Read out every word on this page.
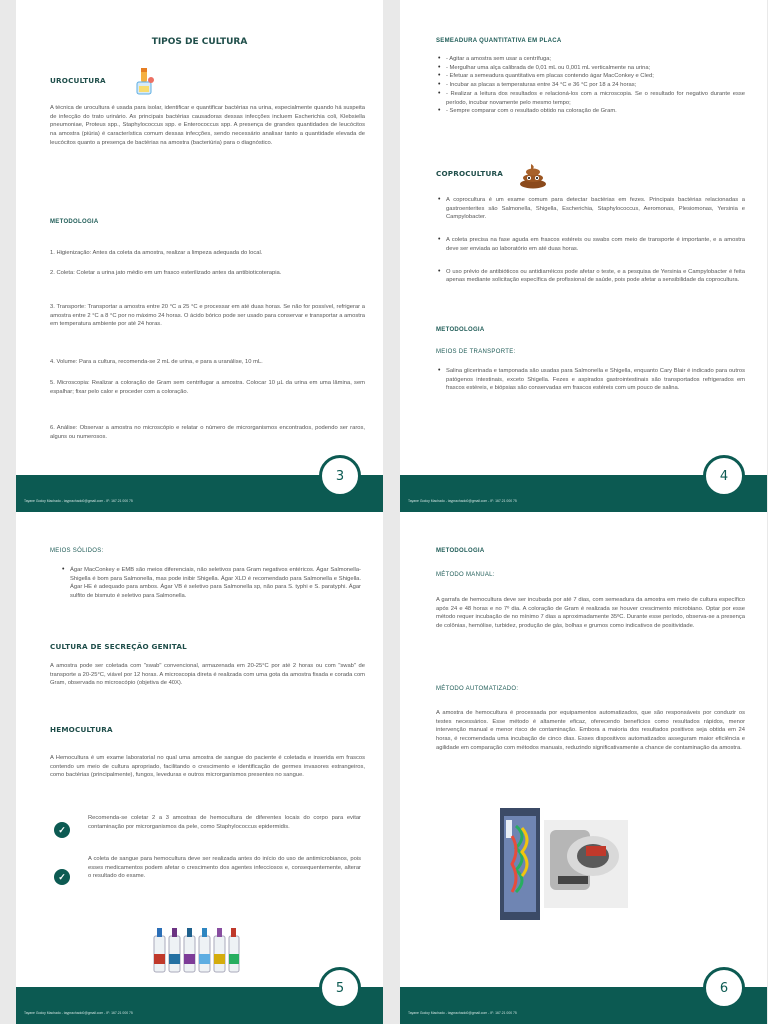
TIPOS DE CULTURA
UROCULTURA
A técnica de urocultura é usada para isolar, identificar e quantificar bactérias na urina, especialmente quando há suspeita de infecção do trato urinário. As principais bactérias causadoras dessas infecções incluem Escherichia coli, Klebsiella pneumoniae, Proteus spp., Staphylococcus spp. e Enterococcus spp. A presença de grandes quantidades de leucócitos na amostra (piúria) é característica comum dessas infecções, sendo necessário analisar tanto a quantidade elevada de leucócitos quanto a presença de bactérias na amostra (bacteriúria) para o diagnóstico.
METODOLOGIA
1. Higienização: Antes da coleta da amostra, realizar a limpeza adequada do local.
2. Coleta: Coletar a urina jato médio em um frasco esterilizado antes da antibioticoterapia.
3. Transporte: Transportar a amostra entre 20 °C a 25 °C e processar em até duas horas. Se não for possível, refrigerar a amostra entre 2 °C a 8 °C por no máximo 24 horas. O ácido bórico pode ser usado para conservar e transportar a amostra em temperatura ambiente por até 24 horas.
4. Volume: Para a cultura, recomenda-se 2 mL de urina, e para a uranálise, 10 mL.
5. Microscopia: Realizar a coloração de Gram sem centrifugar a amostra. Colocar 10 µL da urina em uma lâmina, sem espalhar; fixar pelo calor e proceder com a coloração.
6. Análise: Observar a amostra no microscópio e relatar o número de microrganismos encontrados, podendo ser raros, alguns ou numerosos.
Tayane Godoy Machado - tayprachado0@gmail.com - IF: 167.21 000 75
3
SEMEADURA QUANTITATIVA EM PLACA
• - Agitar a amostra sem usar a centrífuga;
• - Mergulhar uma alça calibrada de 0,01 mL ou 0,001 mL verticalmente na urina;
• - Efetuar a semeadura quantitativa em placas contendo ágar MacConkey e Cled;
• - Incubar as placas a temperaturas entre 34 °C e 36 °C por 18 a 24 horas;
• - Realizar a leitura dos resultados e relacioná-los com a microscopia. Se o resultado for negativo durante esse período, incubar novamente pelo mesmo tempo;
• - Sempre comparar com o resultado obtido na coloração de Gram.
COPROCULTURA
• A coprocultura é um exame comum para detectar bactérias em fezes. Principais bactérias relacionadas a gastroenterites são Salmonella, Shigella, Escherichia, Staphylococcus, Aeromonas, Plesiomonas, Yersinia e Campylobacter.
• A coleta precisa na fase aguda em frascos estéreis ou swabs com meio de transporte é importante, e a amostra deve ser enviada ao laboratório em até duas horas.
• O uso prévio de antibióticos ou antidiarréicos pode afetar o teste, e a pesquisa de Yersinia e Campylobacter é feita apenas mediante solicitação específica de profissional de saúde, pois pode afetar a sensibilidade da coprocultura.
METODOLOGIA
MEIOS DE TRANSPORTE:
• Salina glicerinada e tamponada são usadas para Salmonella e Shigella, enquanto Cary Blair é indicado para outros patógenos intestinais, exceto Shigella. Fezes e aspirados gastrointestinais são transportados refrigerados em frascos estéreis, e biópsias são conservadas em frascos estéreis com um pouco de salina.
Tayane Godoy Machado - tayprachado0@gmail.com - IF: 167.21 000 75
4
MEIOS SÓLIDOS:
• Ágar MacConkey e EMB são meios diferenciais, não seletivos para Gram negativos entéricos. Ágar Salmonella-Shigella é bom para Salmonella, mas pode inibir Shigella. Ágar XLD é recomendado para Salmonella e Shigella. Ágar HE é adequado para ambos. Ágar VB é seletivo para Salmonella sp, não para S. typhi e S. paratyphi. Ágar sulfito de bismuto é seletivo para Salmonella.
CULTURA DE SECREÇÃO GENITAL
A amostra pode ser coletada com "swab" convencional, armazenada em 20-25°C por até 2 horas ou com "swab" de transporte a 20-25°C, viável por 12 horas. A microscopia direta é realizada com uma gota da amostra fixada e corada com Gram, observada no microscópio (objetiva de 40X).
HEMOCULTURA
A Hemocultura é um exame laboratorial no qual uma amostra de sangue do paciente é coletada e inserida em frascos contendo um meio de cultura apropriado, facilitando o crescimento e identificação de germes invasores estrangeiros, como bactérias (principalmente), fungos, leveduras e outros microrganismos presentes no sangue.
✓
Recomenda-se coletar 2 a 3 amostras de hemocultura de diferentes locais do corpo para evitar contaminação por microrganismos da pele, como Staphylococcus epidermidis.
✓
A coleta de sangue para hemocultura deve ser realizada antes do início do uso de antimicrobianos, pois esses medicamentos podem afetar o crescimento dos agentes infecciosos e, consequentemente, alterar o resultado do exame.
Tayane Godoy Machado - tayprachado0@gmail.com - IF: 167.21 000 75
5
METODOLOGIA
MÉTODO MANUAL:
A garrafa de hemocultura deve ser incubada por até 7 dias, com semeadura da amostra em meio de cultura específico após 24 e 48 horas e no 7º dia. A coloração de Gram é realizada se houver crescimento microbiano. Optar por esse método requer incubação de no mínimo 7 dias a aproximadamente 35ºC. Durante esse período, observa-se a presença de colônias, hemólise, turbidez, produção de gás, bolhas e grumos como indicativos de positividade.
MÉTODO AUTOMATIZADO:
A amostra de hemocultura é processada por equipamentos automatizados, que são responsáveis por conduzir os testes necessários. Esse método é altamente eficaz, oferecendo benefícios como resultados rápidos, menor intervenção manual e menor risco de contaminação. Embora a maioria dos resultados positivos seja obtida em 24 horas, é recomendada uma incubação de cinco dias. Esses dispositivos automatizados asseguram maior eficiência e agilidade em comparação com métodos manuais, reduzindo significativamente a chance de contaminação da amostra.
Tayane Godoy Machado - tayprachado0@gmail.com - IF: 167.21 000 75
6
